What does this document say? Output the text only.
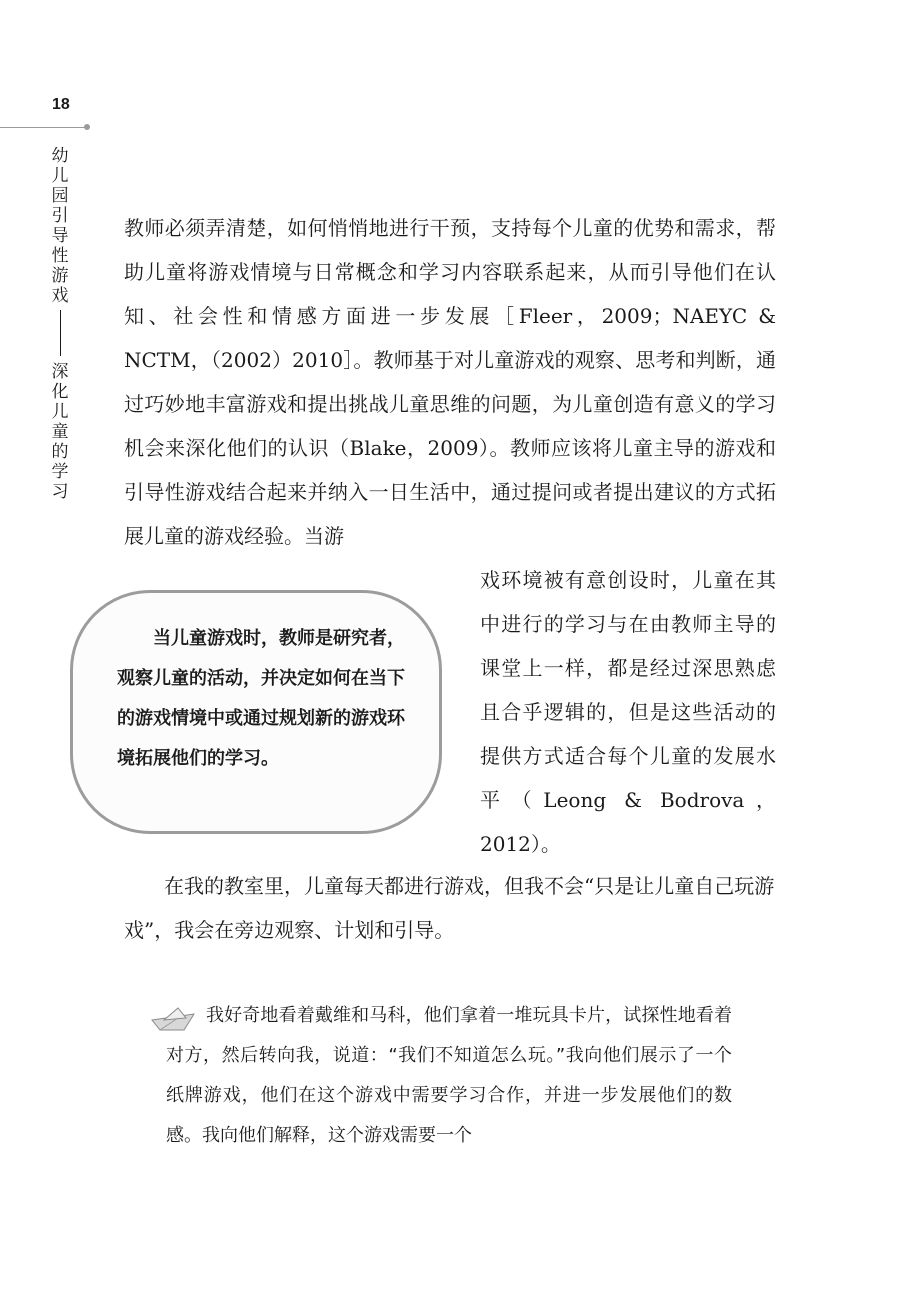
18
幼
儿
园
引
导
性
游
戏
深
化
儿
童
的
学
习

教师必须弄清楚，如何悄悄地进行干预，支持每个儿童的优势和需求，帮助儿童将游戏情境与日常概念和学习内容联系起来，从而引导他们在认知、社会性和情感方面进一步发展［Fleer，2009；NAEYC & NCTM，（2002）2010］。教师基于对儿童游戏的观察、思考和判断，通过巧妙地丰富游戏和提出挑战儿童思维的问题，为儿童创造有意义的学习机会来深化他们的认识（Blake，2009）。教师应该将儿童主导的游戏和引导性游戏结合起来并纳入一日生活中，通过提问或者提出建议的方式拓展儿童的游戏经验。当游

戏环境被有意创设时，儿童在其中进行的学习与在由教师主导的课堂上一样，都是经过深思熟虑且合乎逻辑的，但是这些活动的提供方式适合每个儿童的发展水平（Leong & Bodrova，2012）。

当儿童游戏时，教师是研究者，观察儿童的活动，并决定如何在当下的游戏情境中或通过规划新的游戏环境拓展他们的学习。

在我的教室里，儿童每天都进行游戏，但我不会“只是让儿童自己玩游戏”，我会在旁边观察、计划和引导。

我好奇地看着戴维和马科，他们拿着一堆玩具卡片，试探性地看着对方，然后转向我，说道：“我们不知道怎么玩。”我向他们展示了一个纸牌游戏，他们在这个游戏中需要学习合作，并进一步发展他们的数感。我向他们解释，这个游戏需要一个
